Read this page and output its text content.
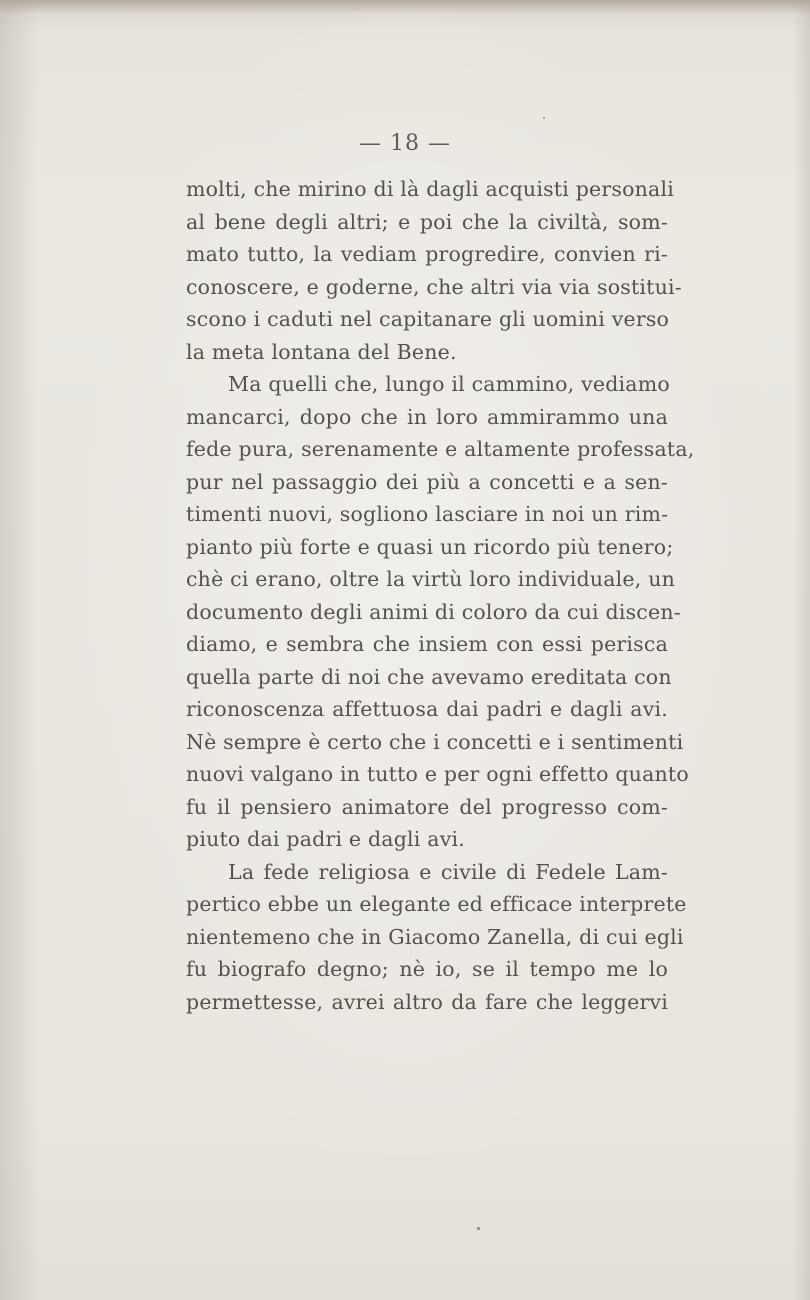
— 18 —
molti, che mirino di là dagli acquisti personali
al bene degli altri; e poi che la civiltà, som-
mato tutto, la vediam progredire, convien ri-
conoscere, e goderne, che altri via via sostitui-
scono i caduti nel capitanare gli uomini verso
la meta lontana del Bene.
Ma quelli che, lungo il cammino, vediamo
mancarci, dopo che in loro ammirammo una
fede pura, serenamente e altamente professata,
pur nel passaggio dei più a concetti e a sen-
timenti nuovi, sogliono lasciare in noi un rim-
pianto più forte e quasi un ricordo più tenero;
chè ci erano, oltre la virtù loro individuale, un
documento degli animi di coloro da cui discen-
diamo, e sembra che insiem con essi perisca
quella parte di noi che avevamo ereditata con
riconoscenza affettuosa dai padri e dagli avi.
Nè sempre è certo che i concetti e i sentimenti
nuovi valgano in tutto e per ogni effetto quanto
fu il pensiero animatore del progresso com-
piuto dai padri e dagli avi.
La fede religiosa e civile di Fedele Lam-
pertico ebbe un elegante ed efficace interprete
nientemeno che in Giacomo Zanella, di cui egli
fu biografo degno; nè io, se il tempo me lo
permettesse, avrei altro da fare che leggervi
